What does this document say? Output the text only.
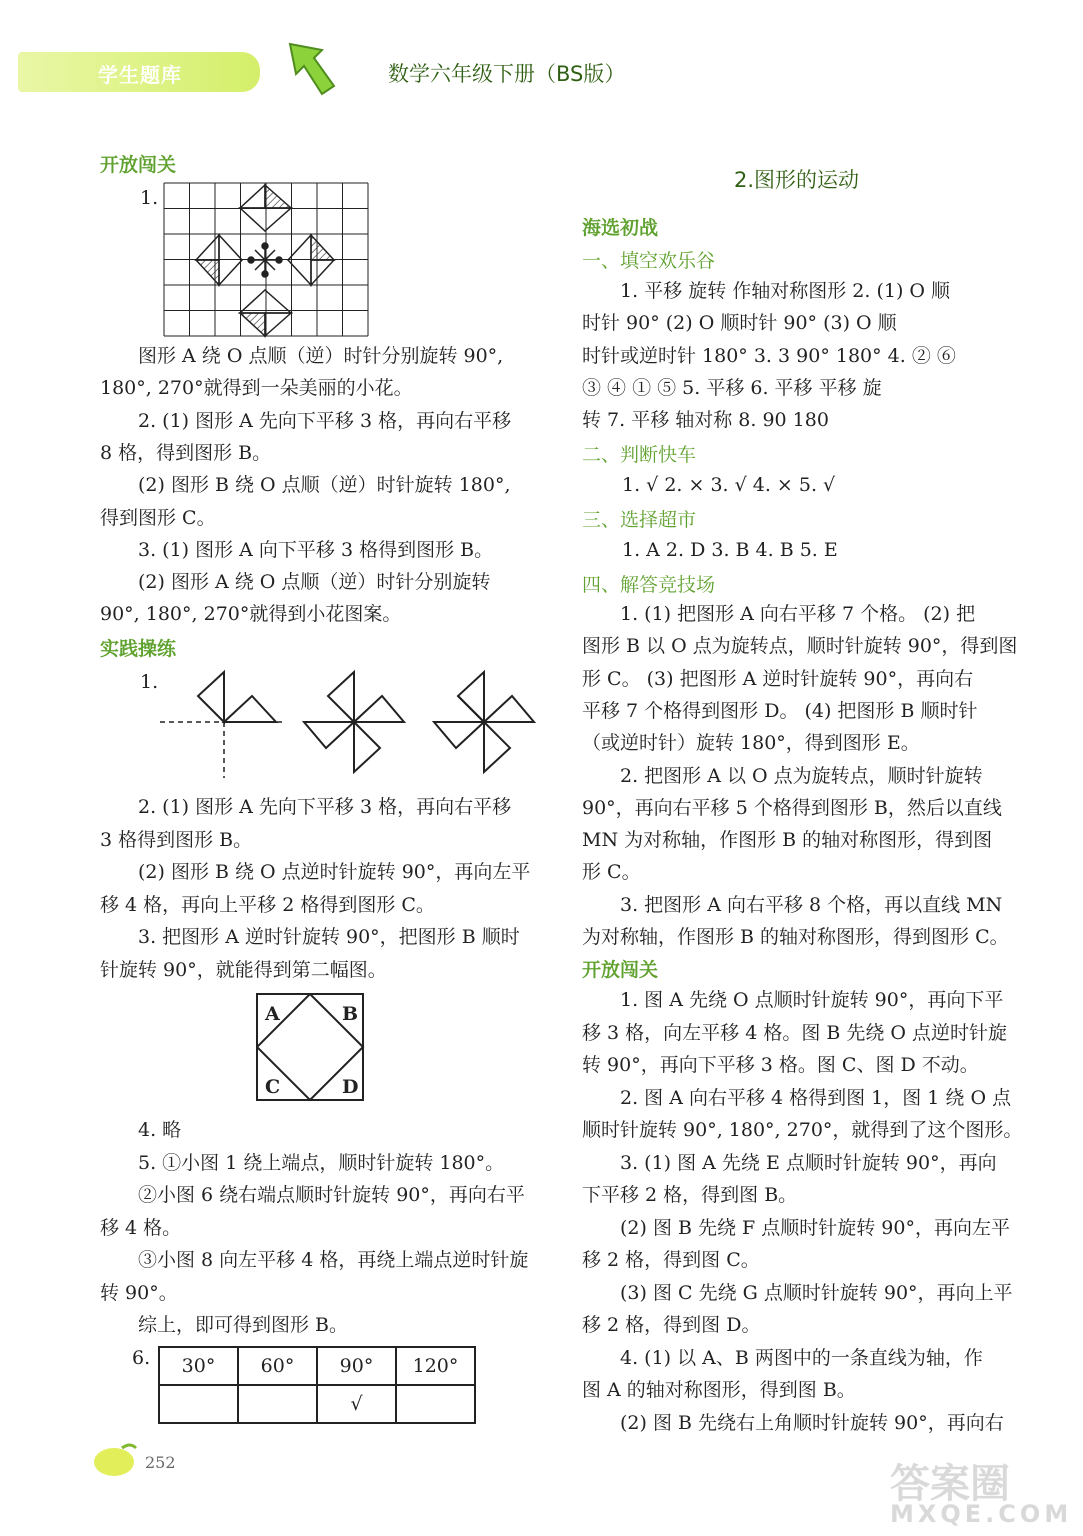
学生题库	数学六年级下册（BS版）
开放闯关
1.
图形 A 绕 O 点顺（逆）时针分别旋转 90°,
180°, 270°就得到一朵美丽的小花。
2. (1) 图形 A 先向下平移 3 格，再向右平移
8 格，得到图形 B。
(2) 图形 B 绕 O 点顺（逆）时针旋转 180°,
得到图形 C。
3. (1) 图形 A 向下平移 3 格得到图形 B。
(2) 图形 A 绕 O 点顺（逆）时针分别旋转
90°, 180°, 270°就得到小花图案。
实践操练
1.
2. (1) 图形 A 先向下平移 3 格，再向右平移
3 格得到图形 B。
(2) 图形 B 绕 O 点逆时针旋转 90°，再向左平
移 4 格，再向上平移 2 格得到图形 C。
3. 把图形 A 逆时针旋转 90°，把图形 B 顺时
针旋转 90°，就能得到第二幅图。
A	B
C	D
4. 略
5. ①小图 1 绕上端点，顺时针旋转 180°。
②小图 6 绕右端点顺时针旋转 90°，再向右平
移 4 格。
③小图 8 向左平移 4 格，再绕上端点逆时针旋
转 90°。
综上，即可得到图形 B。
6. 30°	60°	90°	120°
		√	
2.图形的运动
海选初战
一、填空欢乐谷
1. 平移 旋转 作轴对称图形 2. (1) O 顺
时针 90° (2) O 顺时针 90° (3) O 顺
时针或逆时针 180° 3. 3 90° 180° 4. ② ⑥
③ ④ ① ⑤ 5. 平移 6. 平移 平移 旋
转 7. 平移 轴对称 8. 90 180
二、判断快车
1. √ 2. × 3. √ 4. × 5. √
三、选择超市
1. A 2. D 3. B 4. B 5. E
四、解答竞技场
1. (1) 把图形 A 向右平移 7 个格。 (2) 把
图形 B 以 O 点为旋转点，顺时针旋转 90°，得到图
形 C。 (3) 把图形 A 逆时针旋转 90°，再向右
平移 7 个格得到图形 D。 (4) 把图形 B 顺时针
（或逆时针）旋转 180°，得到图形 E。
2. 把图形 A 以 O 点为旋转点，顺时针旋转
90°，再向右平移 5 个格得到图形 B，然后以直线
MN 为对称轴，作图形 B 的轴对称图形，得到图
形 C。
3. 把图形 A 向右平移 8 个格，再以直线 MN
为对称轴，作图形 B 的轴对称图形，得到图形 C。
开放闯关
1. 图 A 先绕 O 点顺时针旋转 90°，再向下平
移 3 格，向左平移 4 格。图 B 先绕 O 点逆时针旋
转 90°，再向下平移 3 格。图 C、图 D 不动。
2. 图 A 向右平移 4 格得到图 1，图 1 绕 O 点
顺时针旋转 90°, 180°, 270°，就得到了这个图形。
3. (1) 图 A 先绕 E 点顺时针旋转 90°，再向
下平移 2 格，得到图 B。
(2) 图 B 先绕 F 点顺时针旋转 90°，再向左平
移 2 格，得到图 C。
(3) 图 C 先绕 G 点顺时针旋转 90°，再向上平
移 2 格，得到图 D。
4. (1) 以 A、B 两图中的一条直线为轴，作
图 A 的轴对称图形，得到图 B。
(2) 图 B 先绕右上角顺时针旋转 90°，再向右
252	答案圈
MXQE.COM
